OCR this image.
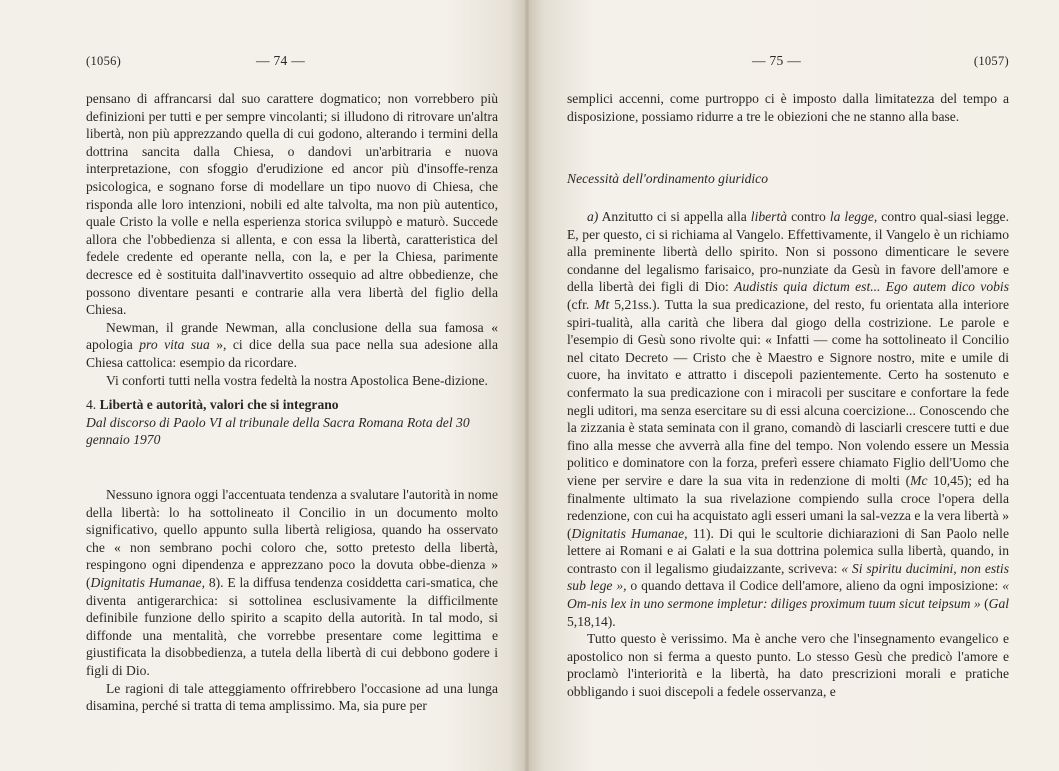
(1056)	— 74 —

pensano di affrancarsi dal suo carattere dogmatico; non vorrebbero più definizioni per tutti e per sempre vincolanti; si illudono di ritrovare un'altra libertà, non più apprezzando quella di cui godono, alterando i termini della dottrina sancita dalla Chiesa, o dandovi un'arbitraria e nuova interpretazione, con sfoggio d'erudizione ed ancor più d'insoffe-renza psicologica, e sognano forse di modellare un tipo nuovo di Chiesa, che risponda alle loro intenzioni, nobili ed alte talvolta, ma non più autentico, quale Cristo la volle e nella esperienza storica sviluppò e maturò. Succede allora che l'obbedienza si allenta, e con essa la libertà, caratteristica del fedele credente ed operante nella, con la, e per la Chiesa, parimente decresce ed è sostituita dall'inavvertito ossequio ad altre obbedienze, che possono diventare pesanti e contrarie alla vera libertà del figlio della Chiesa.

Newman, il grande Newman, alla conclusione della sua famosa « apologia pro vita sua », ci dice della sua pace nella sua adesione alla Chiesa cattolica: esempio da ricordare.

Vi conforti tutti nella vostra fedeltà la nostra Apostolica Bene-dizione.

4. Libertà e autorità, valori che si integrano

Dal discorso di Paolo VI al tribunale della Sacra Romana Rota del 30 gennaio 1970

Nessuno ignora oggi l'accentuata tendenza a svalutare l'autorità in nome della libertà: lo ha sottolineato il Concilio in un documento molto significativo, quello appunto sulla libertà religiosa, quando ha osservato che « non sembrano pochi coloro che, sotto pretesto della libertà, respingono ogni dipendenza e apprezzano poco la dovuta obbe-dienza » (Dignitatis Humanae, 8). E la diffusa tendenza cosiddetta cari-smatica, che diventa antigerarchica: si sottolinea esclusivamente la difficilmente definibile funzione dello spirito a scapito della autorità. In tal modo, si diffonde una mentalità, che vorrebbe presentare come legittima e giustificata la disobbedienza, a tutela della libertà di cui debbono godere i figli di Dio.

Le ragioni di tale atteggiamento offrirebbero l'occasione ad una lunga disamina, perché si tratta di tema amplissimo. Ma, sia pure per

— 75 —	(1057)

semplici accenni, come purtroppo ci è imposto dalla limitatezza del tempo a disposizione, possiamo ridurre a tre le obiezioni che ne stanno alla base.

Necessità dell'ordinamento giuridico

a) Anzitutto ci si appella alla libertà contro la legge, contro qual-siasi legge. E, per questo, ci si richiama al Vangelo. Effettivamente, il Vangelo è un richiamo alla preminente libertà dello spirito. Non si possono dimenticare le severe condanne del legalismo farisaico, pro-nunziate da Gesù in favore dell'amore e della libertà dei figli di Dio: Audistis quia dictum est... Ego autem dico vobis (cfr. Mt 5,21ss.). Tutta la sua predicazione, del resto, fu orientata alla interiore spiri-tualità, alla carità che libera dal giogo della costrizione. Le parole e l'esempio di Gesù sono rivolte qui: « Infatti — come ha sottolineato il Concilio nel citato Decreto — Cristo che è Maestro e Signore nostro, mite e umile di cuore, ha invitato e attratto i discepoli pazientemente. Certo ha sostenuto e confermato la sua predicazione con i miracoli per suscitare e confortare la fede negli uditori, ma senza esercitare su di essi alcuna coercizione... Conoscendo che la zizzania è stata seminata con il grano, comandò di lasciarli crescere tutti e due fino alla messe che avverrà alla fine del tempo. Non volendo essere un Messia politico e dominatore con la forza, preferì essere chiamato Figlio dell'Uomo che viene per servire e dare la sua vita in redenzione di molti (Mc 10,45); ed ha finalmente ultimato la sua rivelazione compiendo sulla croce l'opera della redenzione, con cui ha acquistato agli esseri umani la sal-vezza e la vera libertà » (Dignitatis Humanae, 11). Di qui le scultorie dichiarazioni di San Paolo nelle lettere ai Romani e ai Galati e la sua dottrina polemica sulla libertà, quando, in contrasto con il legalismo giudaizzante, scriveva: « Si spiritu ducimini, non estis sub lege », o quando dettava il Codice dell'amore, alieno da ogni imposizione: « Om-nis lex in uno sermone impletur: diliges proximum tuum sicut teipsum » (Gal 5,18,14).

Tutto questo è verissimo. Ma è anche vero che l'insegnamento evangelico e apostolico non si ferma a questo punto. Lo stesso Gesù che predicò l'amore e proclamò l'interiorità e la libertà, ha dato prescrizioni morali e pratiche obbligando i suoi discepoli a fedele osservanza, e
